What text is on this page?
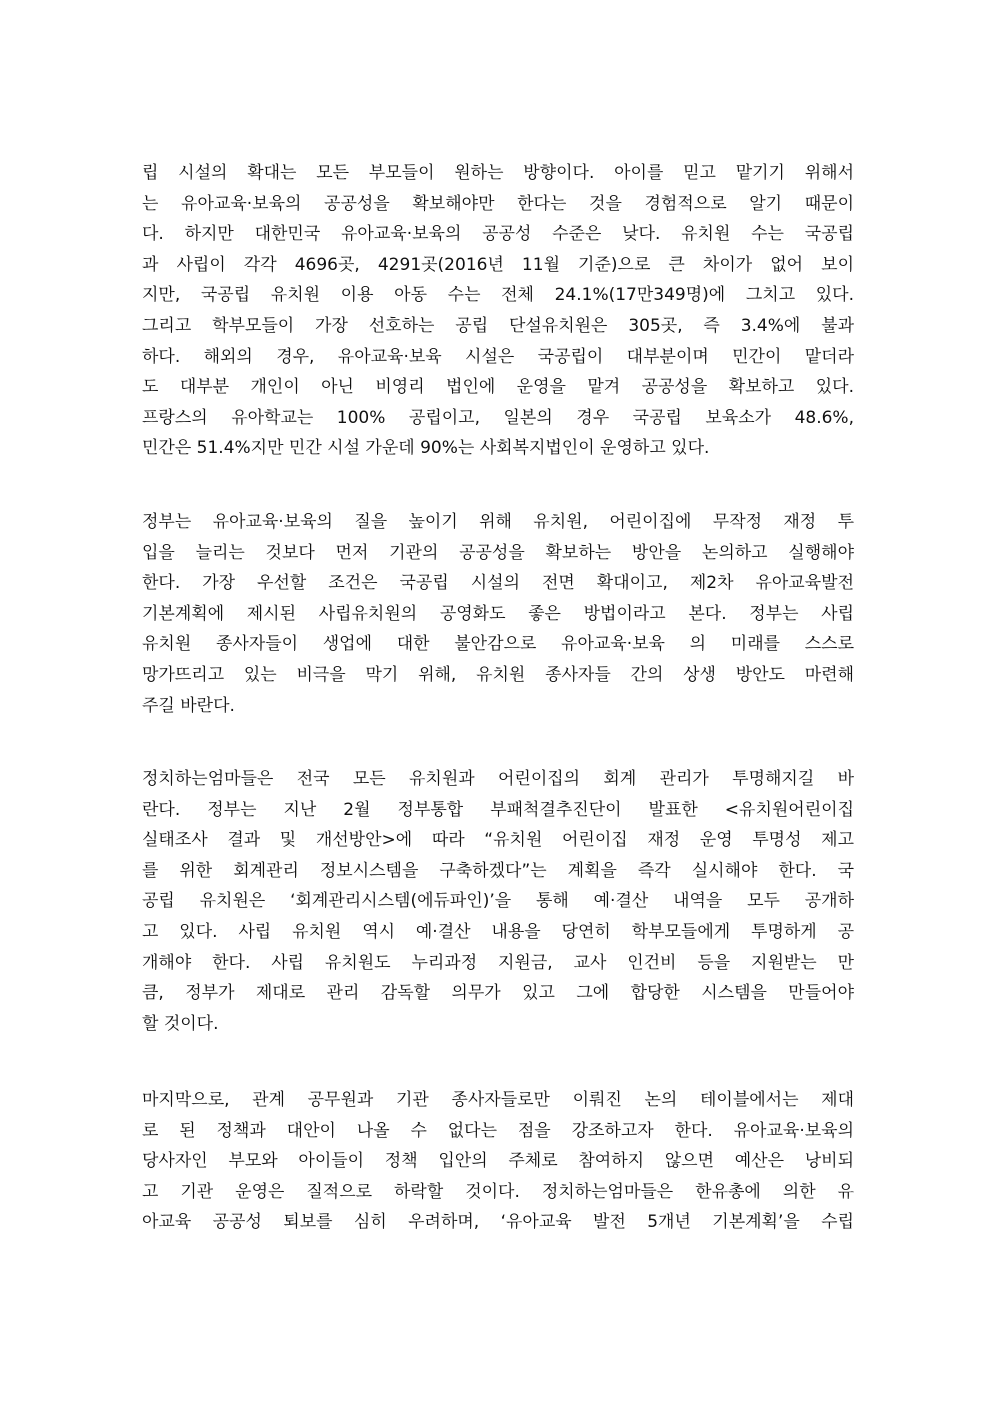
립 시설의 확대는 모든 부모들이 원하는 방향이다. 아이를 믿고 맡기기 위해서
는 유아교육·보육의 공공성을 확보해야만 한다는 것을 경험적으로 알기 때문이
다. 하지만 대한민국 유아교육·보육의 공공성 수준은 낮다. 유치원 수는 국공립
과 사립이 각각 4696곳, 4291곳(2016년 11월 기준)으로 큰 차이가 없어 보이
지만, 국공립 유치원 이용 아동 수는 전체 24.1%(17만349명)에 그치고 있다.
그리고 학부모들이 가장 선호하는 공립 단설유치원은 305곳, 즉 3.4%에 불과
하다. 해외의 경우, 유아교육·보육 시설은 국공립이 대부분이며 민간이 맡더라
도 대부분 개인이 아닌 비영리 법인에 운영을 맡겨 공공성을 확보하고 있다.
프랑스의 유아학교는 100% 공립이고, 일본의 경우 국공립 보육소가 48.6%,
민간은 51.4%지만 민간 시설 가운데 90%는 사회복지법인이 운영하고 있다.
정부는 유아교육·보육의 질을 높이기 위해 유치원, 어린이집에 무작정 재정 투
입을 늘리는 것보다 먼저 기관의 공공성을 확보하는 방안을 논의하고 실행해야
한다. 가장 우선할 조건은 국공립 시설의 전면 확대이고, 제2차 유아교육발전
기본계획에 제시된 사립유치원의 공영화도 좋은 방법이라고 본다. 정부는 사립
유치원 종사자들이 생업에 대한 불안감으로 유아교육·보육 의 미래를 스스로
망가뜨리고 있는 비극을 막기 위해, 유치원 종사자들 간의 상생 방안도 마련해
주길 바란다.
정치하는엄마들은 전국 모든 유치원과 어린이집의 회계 관리가 투명해지길 바
란다. 정부는 지난 2월 정부통합 부패척결추진단이 발표한 <유치원어린이집
실태조사 결과 및 개선방안>에 따라 “유치원 어린이집 재정 운영 투명성 제고
를 위한 회계관리 정보시스템을 구축하겠다”는 계획을 즉각 실시해야 한다. 국
공립 유치원은 ‘회계관리시스템(에듀파인)’을 통해 예·결산 내역을 모두 공개하
고 있다. 사립 유치원 역시 예·결산 내용을 당연히 학부모들에게 투명하게 공
개해야 한다. 사립 유치원도 누리과정 지원금, 교사 인건비 등을 지원받는 만
큼, 정부가 제대로 관리 감독할 의무가 있고 그에 합당한 시스템을 만들어야
할 것이다.
마지막으로, 관계 공무원과 기관 종사자들로만 이뤄진 논의 테이블에서는 제대
로 된 정책과 대안이 나올 수 없다는 점을 강조하고자 한다. 유아교육·보육의
당사자인 부모와 아이들이 정책 입안의 주체로 참여하지 않으면 예산은 낭비되
고 기관 운영은 질적으로 하락할 것이다. 정치하는엄마들은 한유총에 의한 유
아교육 공공성 퇴보를 심히 우려하며, ‘유아교육 발전 5개년 기본계획’을 수립
